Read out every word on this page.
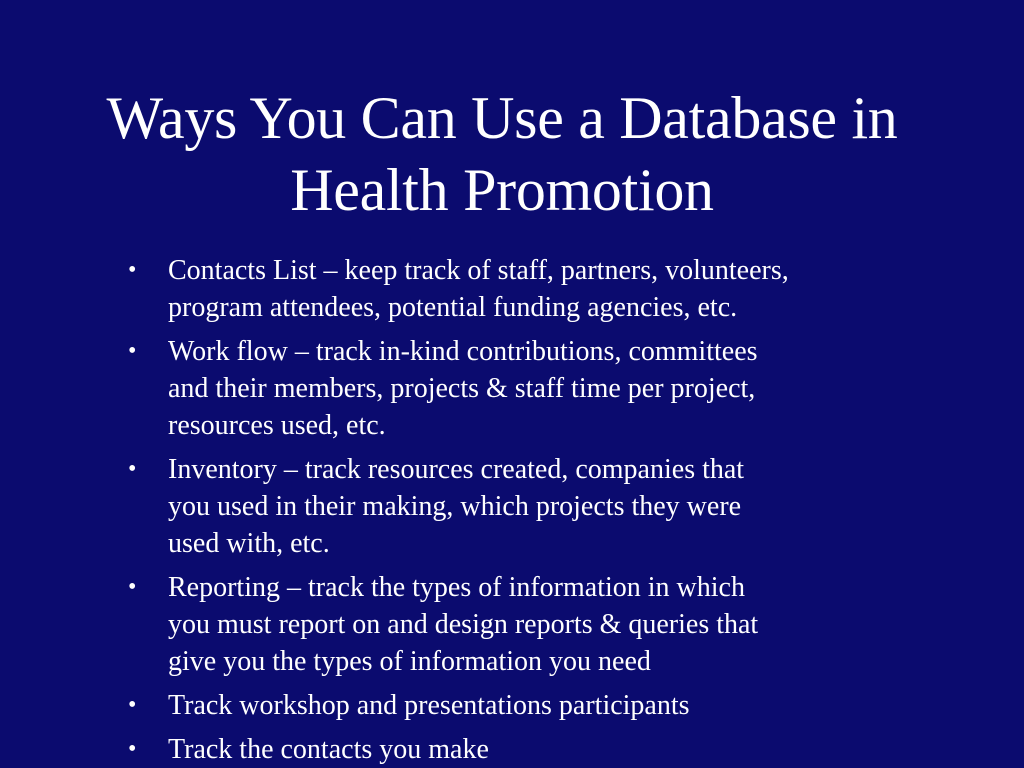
Ways You Can Use a Database in
Health Promotion
• Contacts List – keep track of staff, partners, volunteers,
program attendees, potential funding agencies, etc.
• Work flow – track in-kind contributions, committees
and their members, projects & staff time per project,
resources used, etc.
• Inventory – track resources created, companies that
you used in their making, which projects they were
used with, etc.
• Reporting – track the types of information in which
you must report on and design reports & queries that
give you the types of information you need
• Track workshop and presentations participants
• Track the contacts you make
